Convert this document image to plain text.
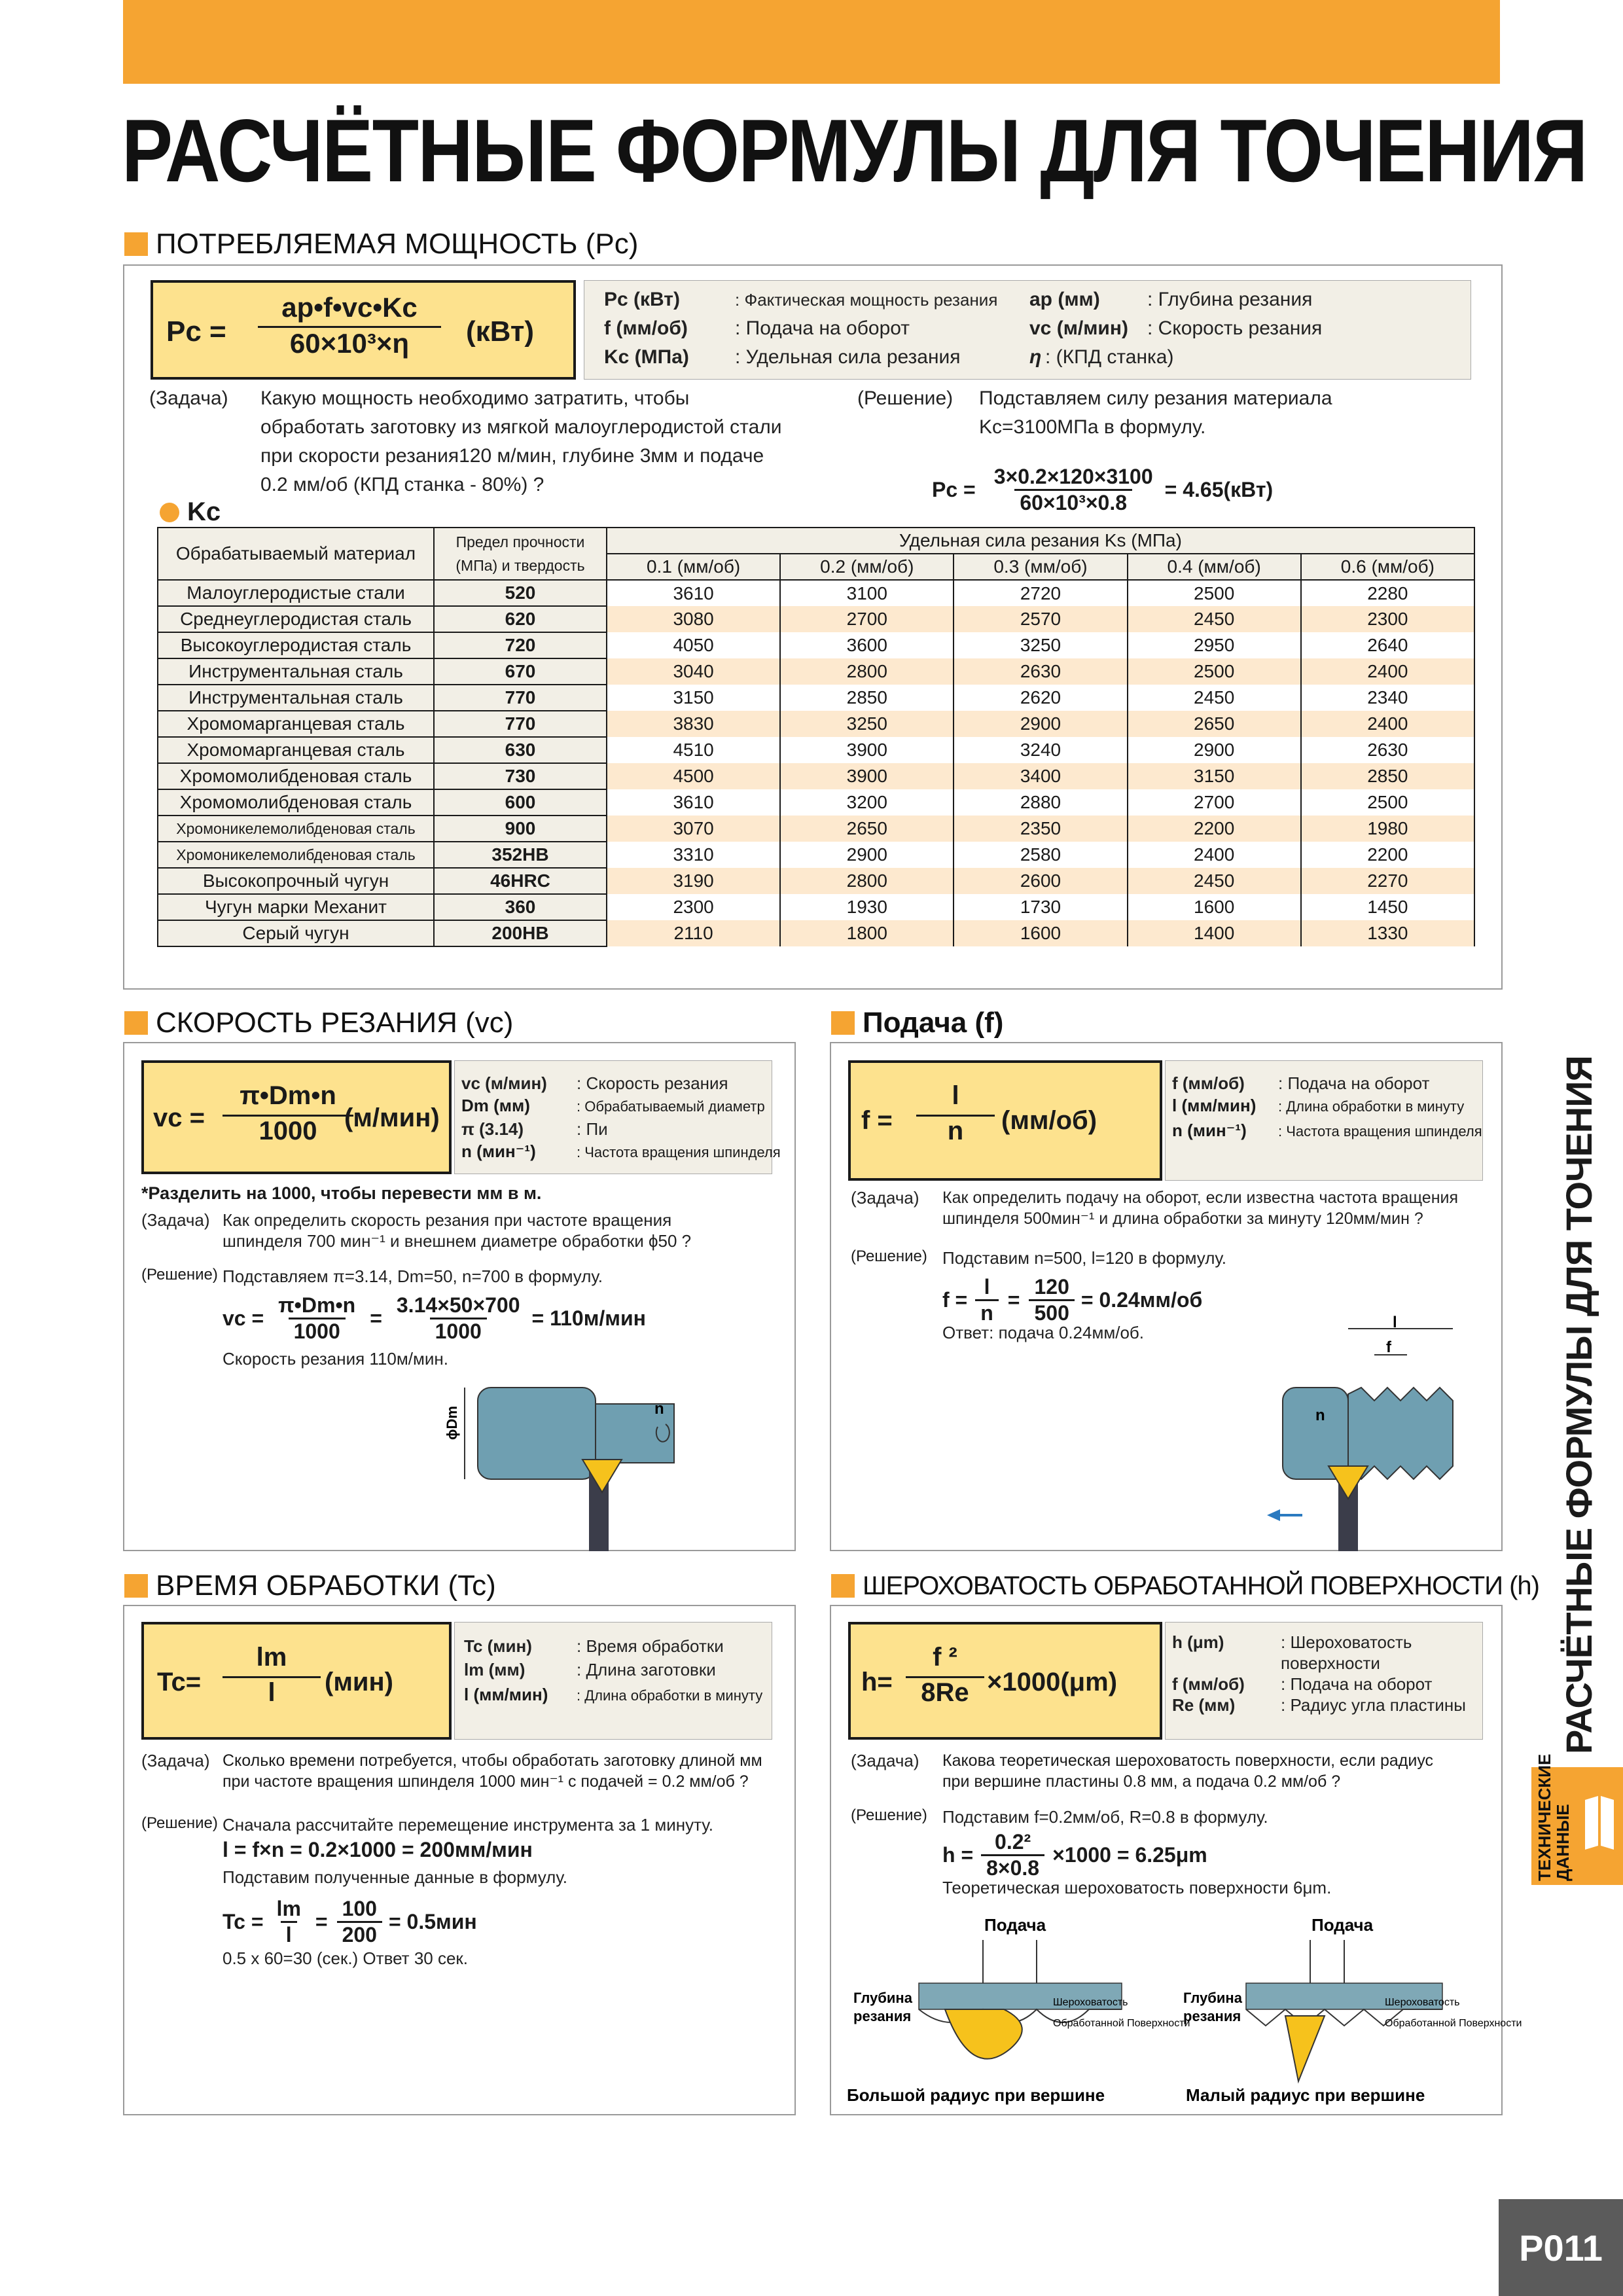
РАСЧЁТНЫЕ ФОРМУЛЫ ДЛЯ ТОЧЕНИЯ
ПОТРЕБЛЯЕМАЯ МОЩНОСТЬ (Pc)
$Pc = \frac{ap•f•vc•Kc}{\text{60×10³×η}} (кВт)$
Pc (кВт)	: Фактическая мощность резания
f (мм/об)	: Подача на оборот
Kc (МПа)	: Удельная сила резания
ap (мм)	: Глубина резания
vc (м/мин) : Скорость резания
η : (КПД станка)
(Задача) Какую мощность необходимо затратить, чтобы
обработать заготовку из мягкой малоуглеродистой стали
при скорости резания120 м/мин, глубине 3мм и подаче
0.2 мм/об (КПД станка - 80%) ?
(Решение) Подставляем силу резания материала
Kc=3100МПа в формулу.
$Pc = \frac{3\times 0.2\times 120\times 3100}{\text{60×10³×0.8}} = 4.65(кВт)$
Kc
Обрабатываемый материал	Предел прочности (МПа) и твердость	Удельная сила резания Ks (МПа)				
		0.1 (мм/об)	0.2 (мм/об)	0.3 (мм/об)	0.4 (мм/об)	0.6 (мм/об)
Малоуглеродистые стали	520	3610	3100	2720	2500	2280
Среднеуглеродистая сталь	620	3080	2700	2570	2450	2300
Высокоуглеродистая сталь	720	4050	3600	3250	2950	2640
Инструментальная сталь	670	3040	2800	2630	2500	2400
Инструментальная сталь	770	3150	2850	2620	2450	2340
Хромомарганцевая сталь	770	3830	3250	2900	2650	2400
Хромомарганцевая сталь	630	4510	3900	3240	2900	2630
Хромомолибденовая сталь	730	4500	3900	3400	3150	2850
Хромомолибденовая сталь	600	3610	3200	2880	2700	2500
Хромоникелемолибденовая сталь	900	3070	2650	2350	2200	1980
Хромоникелемолибденовая сталь	352HB	3310	2900	2580	2400	2200
Высокопрочный чугун	46HRC	3190	2800	2600	2450	2270
Чугун марки Механит	360	2300	1930	1730	1600	1450
Серый чугун	200HB	2110	1800	1600	1400	1330
СКОРОСТЬ РЕЗАНИЯ (vc)
vc = $\frac{\pi•Dm•n}{1000}$
(м/мин)
vc (м/мин)	: Скорость резания
Dm (мм)	: Обрабатываемый диаметр
π (3.14)	: Пи
n (мин⁻¹)	: Частота вращения шпинделя
*Разделить на 1000, чтобы перевести мм в м.
(Задача) Как определить скорость резания при частоте вращения
шпинделя 700 мин⁻¹ и внешнем диаметре обработки ϕ50 ?
(Решение) Подставляем π=3.14, Dm=50, n=700 в формулу.
vc = $\frac{\pi•Dm•n}{1000} = \frac{3.14\times 50\times 700}{1000} = 110м/мин$
Скорость резания 110м/мин.
ϕDm	n
Подача (f)
$f = \frac{l}{n} (мм/об)$
f (мм/об)	: Подача на оборот
l (мм/мин)	: Длина обработки в минуту
n (мин⁻¹)	: Частота вращения шпинделя
(Задача) Как определить подачу на оборот, если известна частота вращения
шпинделя 500мин⁻¹ и длина обработки за минуту 120мм/мин ?
(Решение) Подставим n=500, l=120 в формулу.
$f = \frac{l}{n} = \frac{120}{500} = 0.24мм/об$
Ответ: подача 0.24мм/об.
l
f
n
ВРЕМЯ ОБРАБОТКИ (Tc)
$Tc= \frac{lm}{l} (мин)$
Tc (мин)	: Время обработки
lm (мм)	: Длина заготовки
l (мм/мин)	: Длина обработки в минуту
(Задача) Сколько времени потребуется, чтобы обработать заготовку длиной мм
при частоте вращения шпинделя 1000 мин⁻¹ с подачей = 0.2 мм/об ?
(Решение) Сначала рассчитайте перемещение инструмента за 1 минуту.
l = f×n = 0.2×1000 = 200мм/мин
Подставим полученные данные в формулу.
$Tc = \frac{lm}{l} = \frac{100}{200} = 0.5мин$
0.5 x 60=30 (сек.) Ответ 30 сек.
ШЕРОХОВАТОСТЬ ОБРАБОТАННОЙ ПОВЕРХНОСТИ (h)
$h= \frac{\text{f ²}}{8Re} \times 1000(\mu m)$
h (μm)	: Шероховатость
поверхности
f (мм/об)	: Подача на оборот
Re (мм)	: Радиус угла пластины
(Задача) Какова теоретическая шероховатость поверхности, если радиус
при вершине пластины 0.8 мм, а подача 0.2 мм/об ?
(Решение) Подставим f=0.2мм/об, R=0.8 в формулу.
$h = \frac{\text{0.2²}}{8\times 0.8} \times 1000 = 6.25\mu m$
Теоретическая шероховатость поверхности 6μm.
Подача
Глубина
резания
Шероховатость
Обработанной Поверхности
Большой радиус при вершине
Подача
Глубина
резания
Шероховатость
Обработанной Поверхности
Малый радиус при вершине
РАСЧЁТНЫЕ ФОРМУЛЫ ДЛЯ ТОЧЕНИЯ
ТЕХНИЧЕСКИЕ
ДАННЫЕ
P011
